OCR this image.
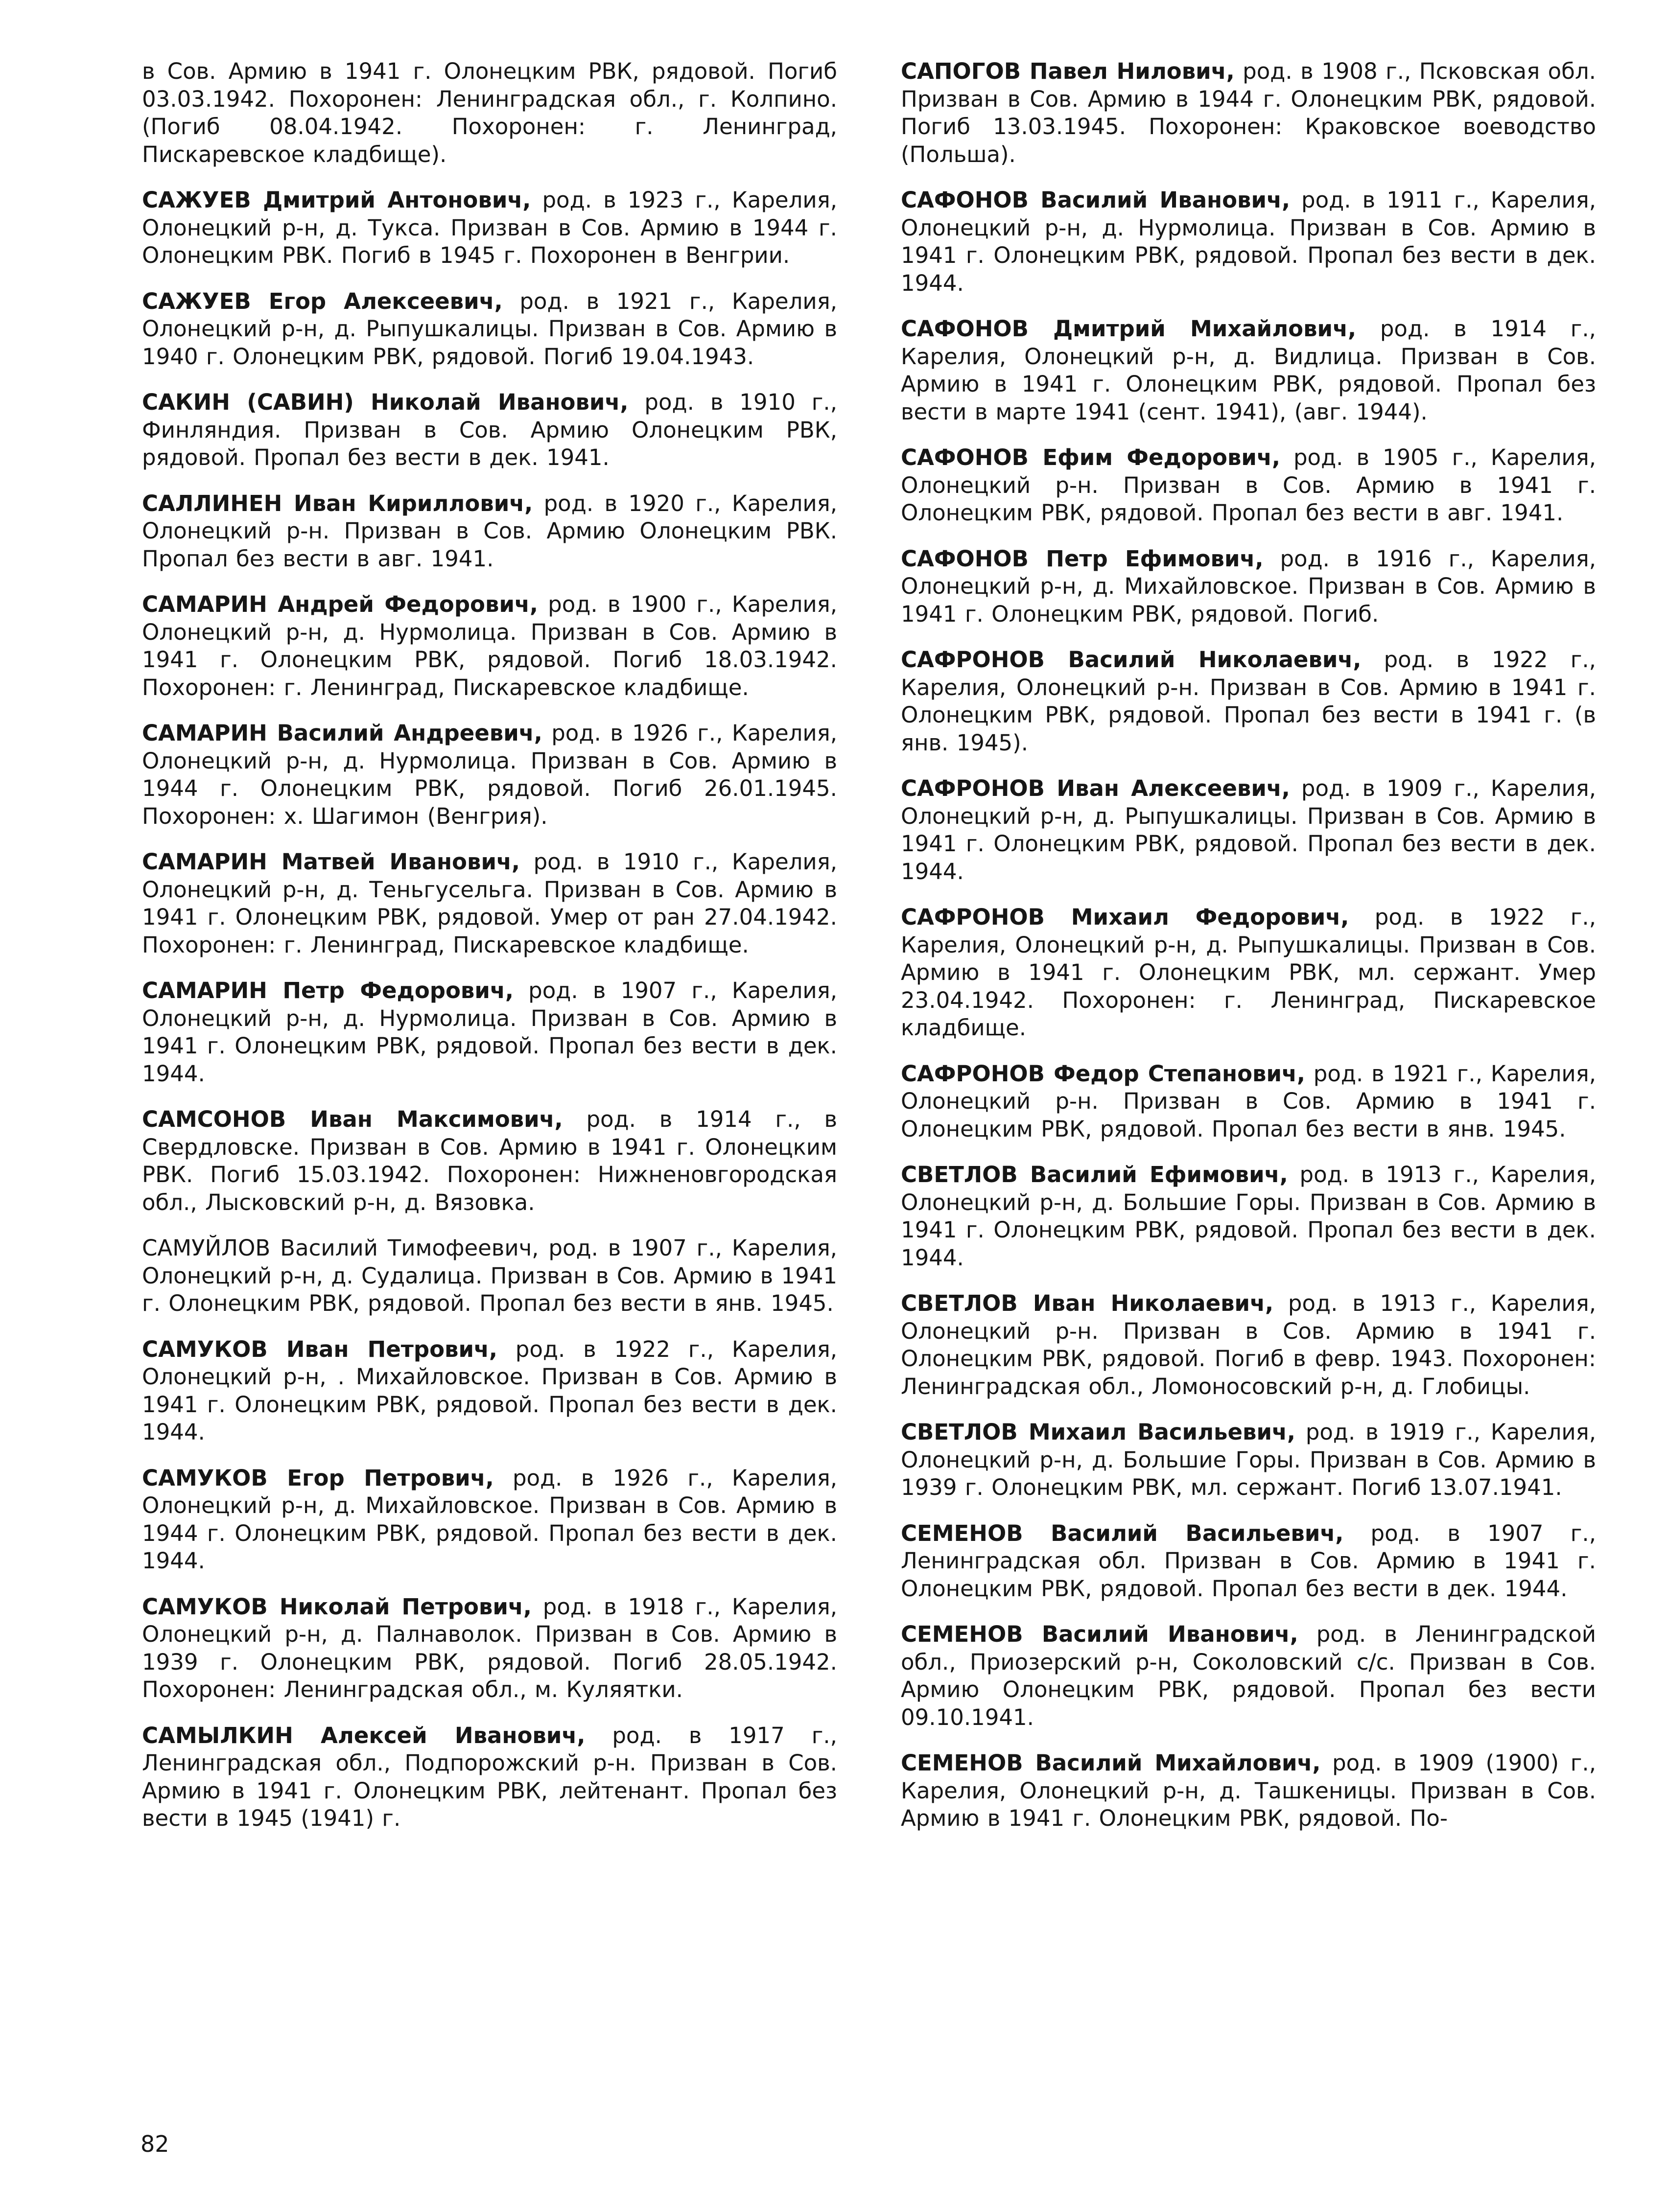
в Сов. Армию в 1941 г. Олонецким РВК, рядовой. Погиб 03.03.1942. Похоронен: Ленинградская обл., г. Колпино. (Погиб 08.04.1942. Похоронен: г. Ленинград, Пискаревское кладбище).

САЖУЕВ Дмитрий Антонович, род. в 1923 г., Карелия, Олонецкий р-н, д. Тукса. Призван в Сов. Армию в 1944 г. Олонецким РВК. Погиб в 1945 г. Похоронен в Венгрии.

САЖУЕВ Егор Алексеевич, род. в 1921 г., Карелия, Олонецкий р-н, д. Рыпушкалицы. Призван в Сов. Армию в 1940 г. Олонецким РВК, рядовой. Погиб 19.04.1943.

САКИН (САВИН) Николай Иванович, род. в 1910 г., Финляндия. Призван в Сов. Армию Олонецким РВК, рядовой. Пропал без вести в дек. 1941.

САЛЛИНЕН Иван Кириллович, род. в 1920 г., Карелия, Олонецкий р-н. Призван в Сов. Армию Олонецким РВК. Пропал без вести в авг. 1941.

САМАРИН Андрей Федорович, род. в 1900 г., Карелия, Олонецкий р-н, д. Нурмолица. Призван в Сов. Армию в 1941 г. Олонецким РВК, рядовой. Погиб 18.03.1942. Похоронен: г. Ленинград, Пискаревское кладбище.

САМАРИН Василий Андреевич, род. в 1926 г., Карелия, Олонецкий р-н, д. Нурмолица. Призван в Сов. Армию в 1944 г. Олонецким РВК, рядовой. Погиб 26.01.1945. Похоронен: х. Шагимон (Венгрия).

САМАРИН Матвей Иванович, род. в 1910 г., Карелия, Олонецкий р-н, д. Теньгусельга. Призван в Сов. Армию в 1941 г. Олонецким РВК, рядовой. Умер от ран 27.04.1942. Похоронен: г. Ленинград, Пискаревское кладбище.

САМАРИН Петр Федорович, род. в 1907 г., Карелия, Олонецкий р-н, д. Нурмолица. Призван в Сов. Армию в 1941 г. Олонецким РВК, рядовой. Пропал без вести в дек. 1944.

САМСОНОВ Иван Максимович, род. в 1914 г., в Свердловске. Призван в Сов. Армию в 1941 г. Олонецким РВК. Погиб 15.03.1942. Похоронен: Нижненовгородская обл., Лысковский р-н, д. Вязовка.

САМУЙЛОВ Василий Тимофеевич, род. в 1907 г., Карелия, Олонецкий р-н, д. Судалица. Призван в Сов. Армию в 1941 г. Олонецким РВК, рядовой. Пропал без вести в янв. 1945.

САМУКОВ Иван Петрович, род. в 1922 г., Карелия, Олонецкий р-н, . Михайловское. Призван в Сов. Армию в 1941 г. Олонецким РВК, рядовой. Пропал без вести в дек. 1944.

САМУКОВ Егор Петрович, род. в 1926 г., Карелия, Олонецкий р-н, д. Михайловское. Призван в Сов. Армию в 1944 г. Олонецким РВК, рядовой. Пропал без вести в дек. 1944.

САМУКОВ Николай Петрович, род. в 1918 г., Карелия, Олонецкий р-н, д. Палнаволок. Призван в Сов. Армию в 1939 г. Олонецким РВК, рядовой. Погиб 28.05.1942. Похоронен: Ленинградская обл., м. Куляятки.

САМЫЛКИН Алексей Иванович, род. в 1917 г., Ленинградская обл., Подпорожский р-н. Призван в Сов. Армию в 1941 г. Олонецким РВК, лейтенант. Пропал без вести в 1945 (1941) г.

САПОГОВ Павел Нилович, род. в 1908 г., Псковская обл. Призван в Сов. Армию в 1944 г. Олонецким РВК, рядовой. Погиб 13.03.1945. Похоронен: Краковское воеводство (Польша).

САФОНОВ Василий Иванович, род. в 1911 г., Карелия, Олонецкий р-н, д. Нурмолица. Призван в Сов. Армию в 1941 г. Олонецким РВК, рядовой. Пропал без вести в дек. 1944.

САФОНОВ Дмитрий Михайлович, род. в 1914 г., Карелия, Олонецкий р-н, д. Видлица. Призван в Сов. Армию в 1941 г. Олонецким РВК, рядовой. Пропал без вести в марте 1941 (сент. 1941), (авг. 1944).

САФОНОВ Ефим Федорович, род. в 1905 г., Карелия, Олонецкий р-н. Призван в Сов. Армию в 1941 г. Олонецким РВК, рядовой. Пропал без вести в авг. 1941.

САФОНОВ Петр Ефимович, род. в 1916 г., Карелия, Олонецкий р-н, д. Михайловское. Призван в Сов. Армию в 1941 г. Олонецким РВК, рядовой. Погиб.

САФРОНОВ Василий Николаевич, род. в 1922 г., Карелия, Олонецкий р-н. Призван в Сов. Армию в 1941 г. Олонецким РВК, рядовой. Пропал без вести в 1941 г. (в янв. 1945).

САФРОНОВ Иван Алексеевич, род. в 1909 г., Карелия, Олонецкий р-н, д. Рыпушкалицы. Призван в Сов. Армию в 1941 г. Олонецким РВК, рядовой. Пропал без вести в дек. 1944.

САФРОНОВ Михаил Федорович, род. в 1922 г., Карелия, Олонецкий р-н, д. Рыпушкалицы. Призван в Сов. Армию в 1941 г. Олонецким РВК, мл. сержант. Умер 23.04.1942. Похоронен: г. Ленинград, Пискаревское кладбище.

САФРОНОВ Федор Степанович, род. в 1921 г., Карелия, Олонецкий р-н. Призван в Сов. Армию в 1941 г. Олонецким РВК, рядовой. Пропал без вести в янв. 1945.

СВЕТЛОВ Василий Ефимович, род. в 1913 г., Карелия, Олонецкий р-н, д. Большие Горы. Призван в Сов. Армию в 1941 г. Олонецким РВК, рядовой. Пропал без вести в дек. 1944.

СВЕТЛОВ Иван Николаевич, род. в 1913 г., Карелия, Олонецкий р-н. Призван в Сов. Армию в 1941 г. Олонецким РВК, рядовой. Погиб в февр. 1943. Похоронен: Ленинградская обл., Ломоносовский р-н, д. Глобицы.

СВЕТЛОВ Михаил Васильевич, род. в 1919 г., Карелия, Олонецкий р-н, д. Большие Горы. Призван в Сов. Армию в 1939 г. Олонецким РВК, мл. сержант. Погиб 13.07.1941.

СЕМЕНОВ Василий Васильевич, род. в 1907 г., Ленинградская обл. Призван в Сов. Армию в 1941 г. Олонецким РВК, рядовой. Пропал без вести в дек. 1944.

СЕМЕНОВ Василий Иванович, род. в Ленинградской обл., Приозерский р-н, Соколовский с/с. Призван в Сов. Армию Олонецким РВК, рядовой. Пропал без вести 09.10.1941.

СЕМЕНОВ Василий Михайлович, род. в 1909 (1900) г., Карелия, Олонецкий р-н, д. Ташкеницы. Призван в Сов. Армию в 1941 г. Олонецким РВК, рядовой. По-

82
